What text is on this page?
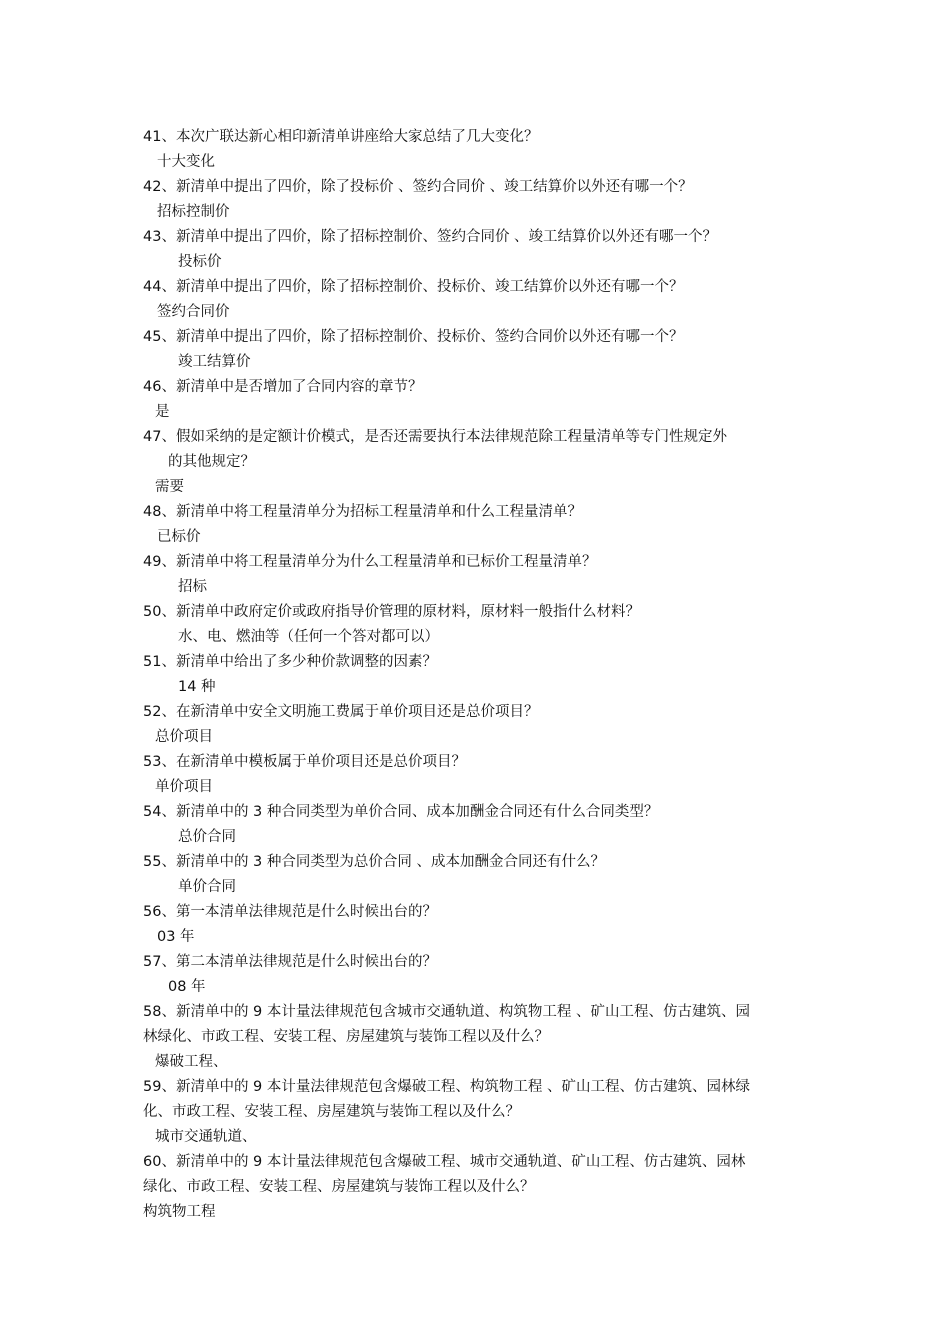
41、本次广联达新心相印新清单讲座给大家总结了几大变化？
十大变化
42、新清单中提出了四价，除了投标价 、签约合同价 、竣工结算价以外还有哪一个？
招标控制价
43、新清单中提出了四价，除了招标控制价、签约合同价 、竣工结算价以外还有哪一个？
投标价
44、新清单中提出了四价，除了招标控制价、投标价、竣工结算价以外还有哪一个？
签约合同价
45、新清单中提出了四价，除了招标控制价、投标价、签约合同价以外还有哪一个？
竣工结算价
46、新清单中是否增加了合同内容的章节？
是
47、假如采纳的是定额计价模式，是否还需要执行本法律规范除工程量清单等专门性规定外
的其他规定？
需要
48、新清单中将工程量清单分为招标工程量清单和什么工程量清单？
已标价
49、新清单中将工程量清单分为什么工程量清单和已标价工程量清单？
招标
50、新清单中政府定价或政府指导价管理的原材料，原材料一般指什么材料？
水、电、燃油等（任何一个答对都可以）
51、新清单中给出了多少种价款调整的因素？
14 种
52、在新清单中安全文明施工费属于单价项目还是总价项目？
总价项目
53、在新清单中模板属于单价项目还是总价项目？
单价项目
54、新清单中的 3 种合同类型为单价合同、成本加酬金合同还有什么合同类型？
总价合同
55、新清单中的 3 种合同类型为总价合同 、成本加酬金合同还有什么？
单价合同
56、第一本清单法律规范是什么时候出台的？
03 年
57、第二本清单法律规范是什么时候出台的？
08 年
58、新清单中的 9 本计量法律规范包含城市交通轨道、构筑物工程 、矿山工程、仿古建筑、园
林绿化、市政工程、安装工程、房屋建筑与装饰工程以及什么？
爆破工程、
59、新清单中的 9 本计量法律规范包含爆破工程、构筑物工程 、矿山工程、仿古建筑、园林绿
化、市政工程、安装工程、房屋建筑与装饰工程以及什么？
城市交通轨道、
60、新清单中的 9 本计量法律规范包含爆破工程、城市交通轨道、矿山工程、仿古建筑、园林
绿化、市政工程、安装工程、房屋建筑与装饰工程以及什么？
构筑物工程
